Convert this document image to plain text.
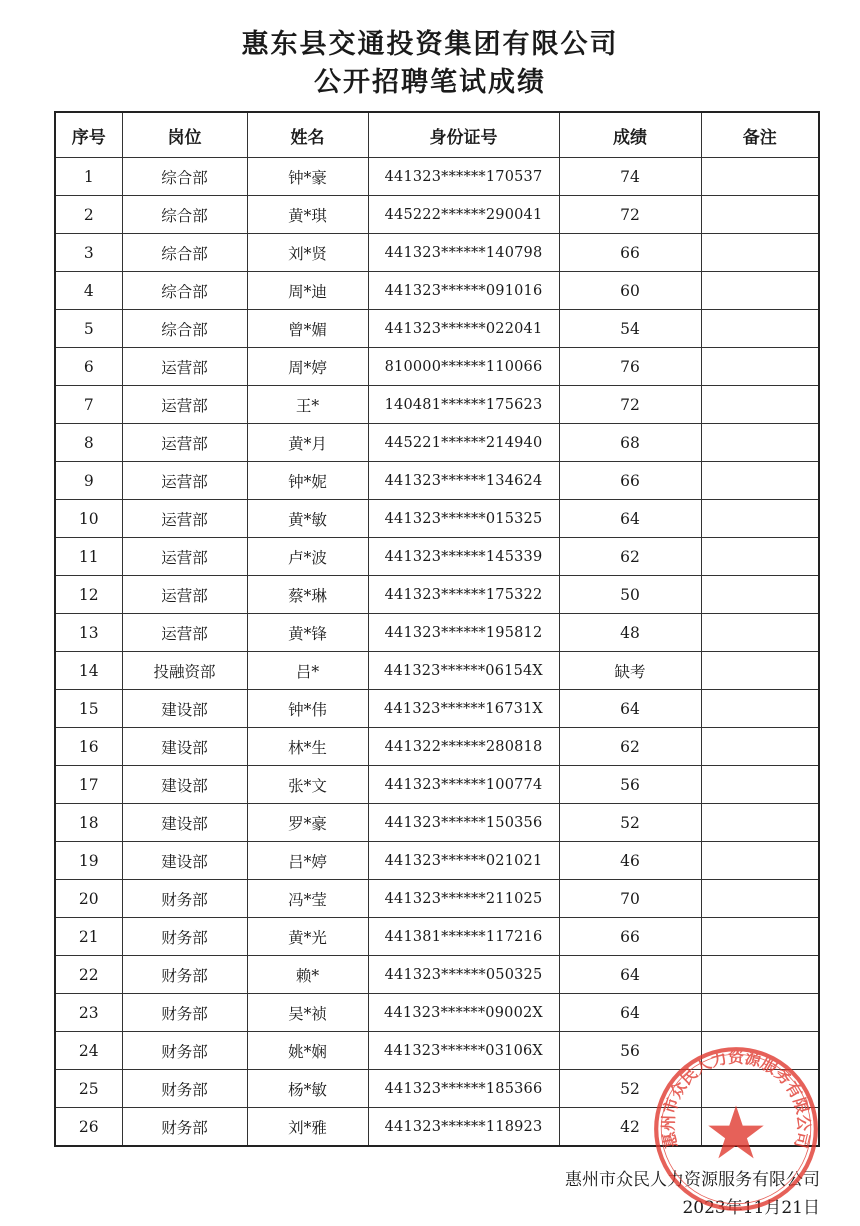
惠东县交通投资集团有限公司
公开招聘笔试成绩
序号	岗位	姓名	身份证号	成绩	备注
1	综合部	钟*豪	441323******170537	74	
2	综合部	黄*琪	445222******290041	72	
3	综合部	刘*贤	441323******140798	66	
4	综合部	周*迪	441323******091016	60	
5	综合部	曾*媚	441323******022041	54	
6	运营部	周*婷	810000******110066	76	
7	运营部	王*	140481******175623	72	
8	运营部	黄*月	445221******214940	68	
9	运营部	钟*妮	441323******134624	66	
10	运营部	黄*敏	441323******015325	64	
11	运营部	卢*波	441323******145339	62	
12	运营部	蔡*琳	441323******175322	50	
13	运营部	黄*锋	441323******195812	48	
14	投融资部	吕*	441323******06154X	缺考	
15	建设部	钟*伟	441323******16731X	64	
16	建设部	林*生	441322******280818	62	
17	建设部	张*文	441323******100774	56	
18	建设部	罗*豪	441323******150356	52	
19	建设部	吕*婷	441323******021021	46	
20	财务部	冯*莹	441323******211025	70	
21	财务部	黄*光	441381******117216	66	
22	财务部	赖*	441323******050325	64	
23	财务部	吴*祯	441323******09002X	64	
24	财务部	姚*娴	441323******03106X	56	
25	财务部	杨*敏	441323******185366	52	
26	财务部	刘*雅	441323******118923	42	

惠州市众民人力资源服务有限公司

2023年11月21日

惠州市众民人力资源服务有限公司
